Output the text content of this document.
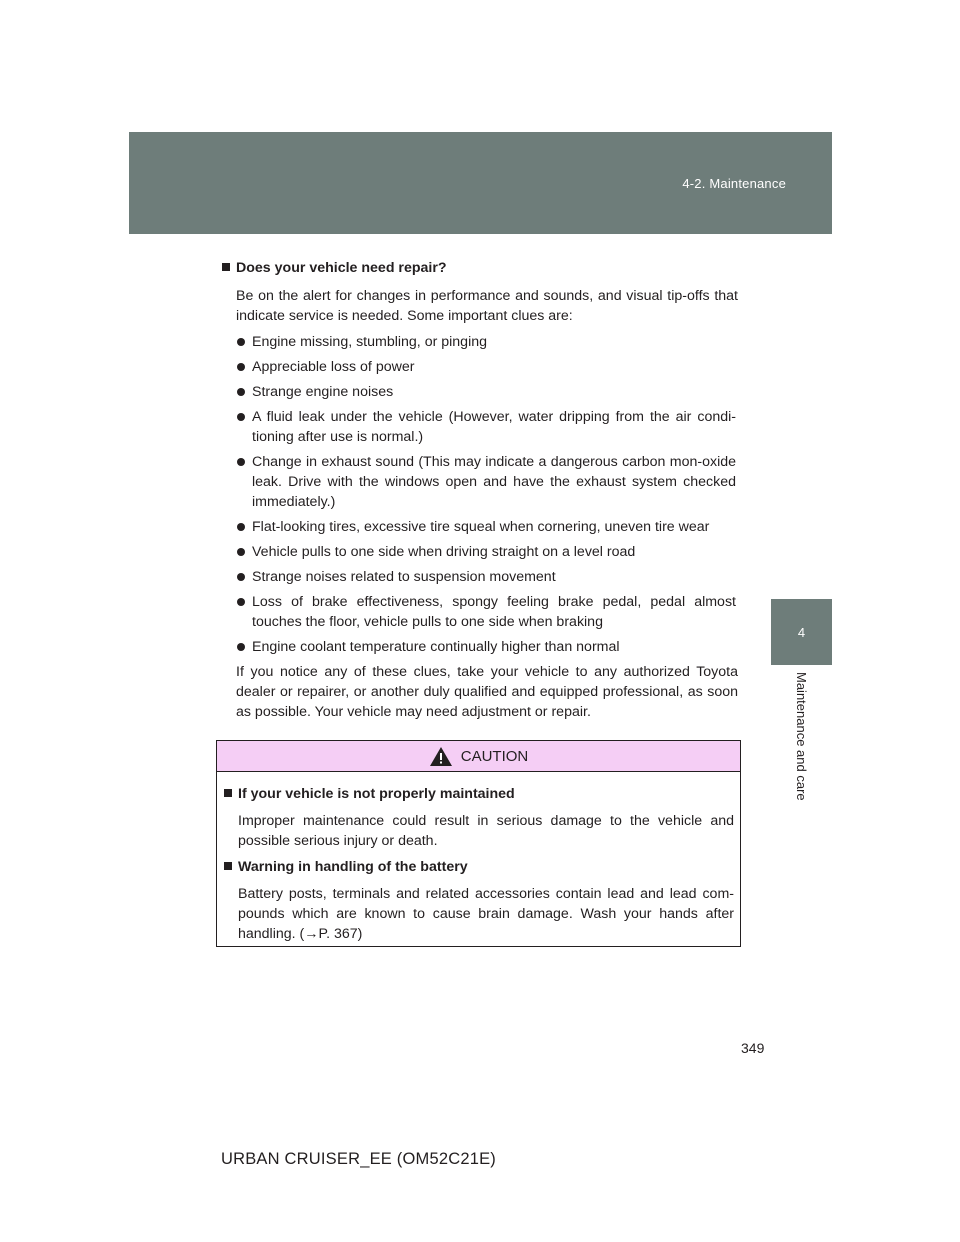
4-2. Maintenance
4
Maintenance and care
Does your vehicle need repair?
Be on the alert for changes in performance and sounds, and visual tip-offs that indicate service is needed. Some important clues are:
Engine missing, stumbling, or pinging
Appreciable loss of power
Strange engine noises
A fluid leak under the vehicle (However, water dripping from the air condi-tioning after use is normal.)
Change in exhaust sound (This may indicate a dangerous carbon mon-oxide leak. Drive with the windows open and have the exhaust system checked immediately.)
Flat-looking tires, excessive tire squeal when cornering, uneven tire wear
Vehicle pulls to one side when driving straight on a level road
Strange noises related to suspension movement
Loss of brake effectiveness, spongy feeling brake pedal, pedal almost touches the floor, vehicle pulls to one side when braking
Engine coolant temperature continually higher than normal
If you notice any of these clues, take your vehicle to any authorized Toyota dealer or repairer, or another duly qualified and equipped professional, as soon as possible. Your vehicle may need adjustment or repair.
CAUTION
If your vehicle is not properly maintained
Improper maintenance could result in serious damage to the vehicle and possible serious injury or death.
Warning in handling of the battery
Battery posts, terminals and related accessories contain lead and lead com-pounds which are known to cause brain damage. Wash your hands after handling. (→P. 367)
349
URBAN CRUISER_EE (OM52C21E)
